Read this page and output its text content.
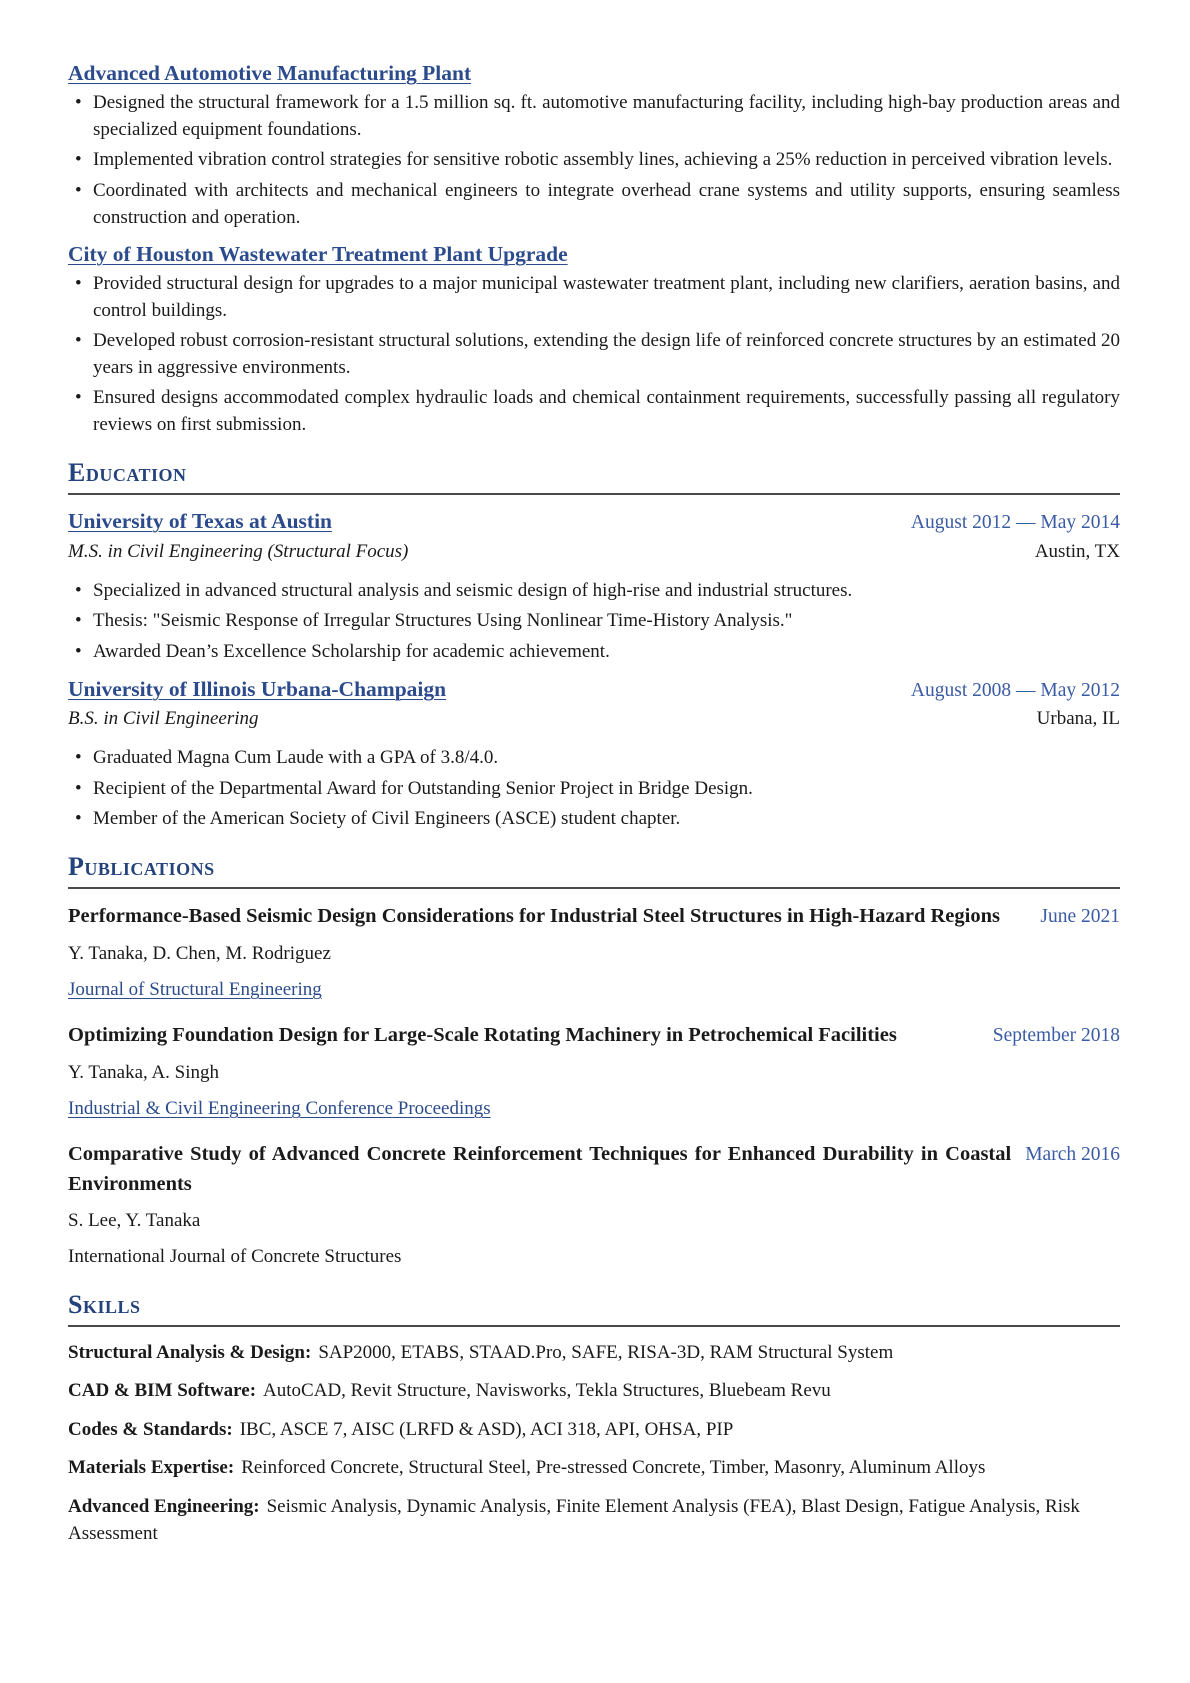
Advanced Automotive Manufacturing Plant
• Designed the structural framework for a 1.5 million sq. ft. automotive manufacturing facility, including high-bay production areas and specialized equipment foundations.
• Implemented vibration control strategies for sensitive robotic assembly lines, achieving a 25% reduction in perceived vibration levels.
• Coordinated with architects and mechanical engineers to integrate overhead crane systems and utility supports, ensuring seamless construction and operation.
City of Houston Wastewater Treatment Plant Upgrade
• Provided structural design for upgrades to a major municipal wastewater treatment plant, including new clarifiers, aeration basins, and control buildings.
• Developed robust corrosion-resistant structural solutions, extending the design life of reinforced concrete structures by an estimated 20 years in aggressive environments.
• Ensured designs accommodated complex hydraulic loads and chemical containment requirements, successfully passing all regulatory reviews on first submission.
Education
University of Texas at Austin	August 2012 — May 2014
M.S. in Civil Engineering (Structural Focus)	Austin, TX
• Specialized in advanced structural analysis and seismic design of high-rise and industrial structures.
• Thesis: "Seismic Response of Irregular Structures Using Nonlinear Time-History Analysis."
• Awarded Dean’s Excellence Scholarship for academic achievement.
University of Illinois Urbana-Champaign	August 2008 — May 2012
B.S. in Civil Engineering	Urbana, IL
• Graduated Magna Cum Laude with a GPA of 3.8/4.0.
• Recipient of the Departmental Award for Outstanding Senior Project in Bridge Design.
• Member of the American Society of Civil Engineers (ASCE) student chapter.
Publications
Performance-Based Seismic Design Considerations for Industrial Steel Structures in High-Hazard Regions	June 2021
Y. Tanaka, D. Chen, M. Rodriguez
Journal of Structural Engineering
Optimizing Foundation Design for Large-Scale Rotating Machinery in Petrochemical Facilities	September 2018
Y. Tanaka, A. Singh
Industrial & Civil Engineering Conference Proceedings
Comparative Study of Advanced Concrete Reinforcement Techniques for Enhanced Durability in Coastal Environments
March 2016
S. Lee, Y. Tanaka
International Journal of Concrete Structures
Skills

Structural Analysis & Design: SAP2000, ETABS, STAAD.Pro, SAFE, RISA-3D, RAM Structural System

CAD & BIM Software: AutoCAD, Revit Structure, Navisworks, Tekla Structures, Bluebeam Revu

Codes & Standards: IBC, ASCE 7, AISC (LRFD & ASD), ACI 318, API, OHSA, PIP

Materials Expertise: Reinforced Concrete, Structural Steel, Pre-stressed Concrete, Timber, Masonry, Aluminum Alloys

Advanced Engineering: Seismic Analysis, Dynamic Analysis, Finite Element Analysis (FEA), Blast Design, Fatigue Analysis, Risk Assessment
